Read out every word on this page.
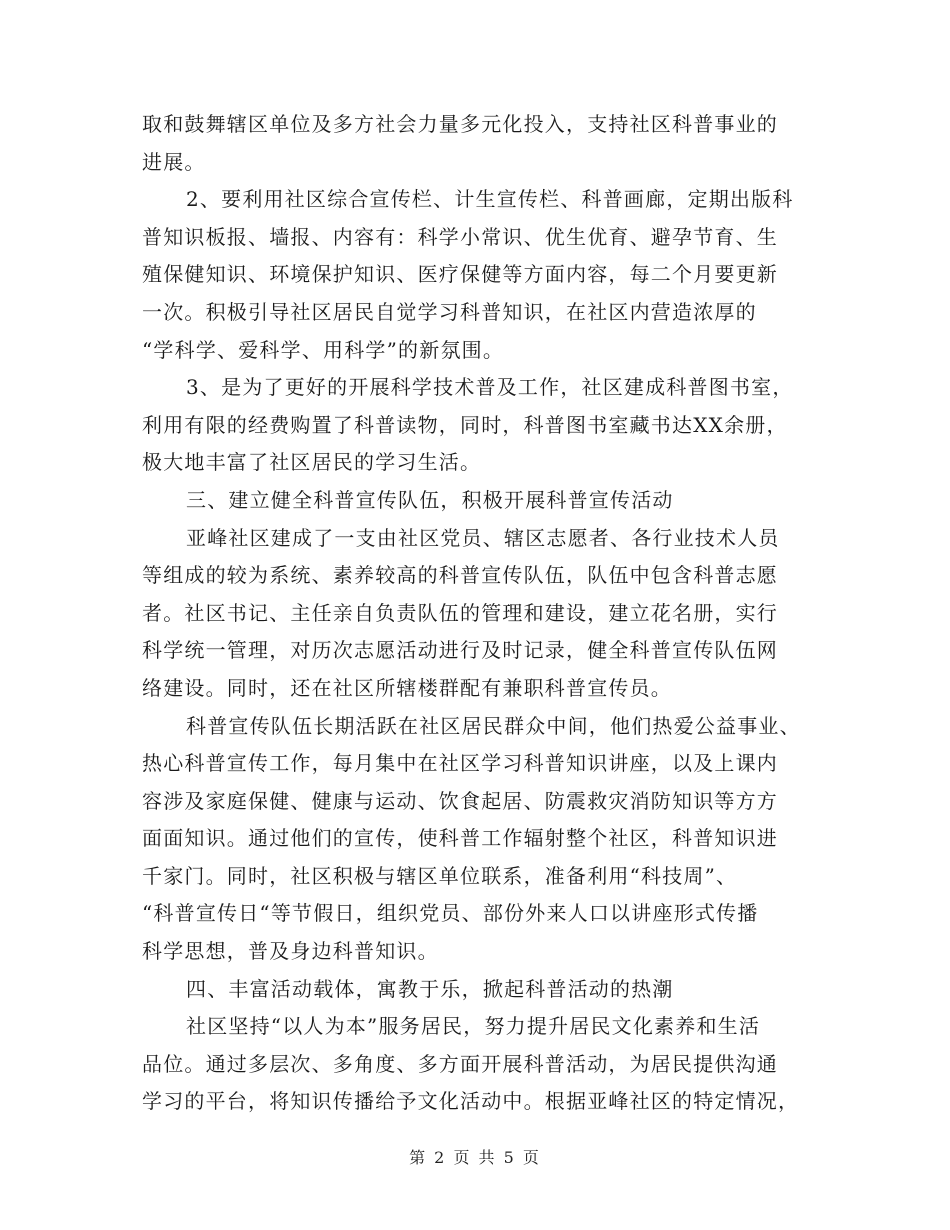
取和鼓舞辖区单位及多方社会力量多元化投入，支持社区科普事业的
进展。
2、要利用社区综合宣传栏、计生宣传栏、科普画廊，定期出版科
普知识板报、墙报、内容有：科学小常识、优生优育、避孕节育、生
殖保健知识、环境保护知识、医疗保健等方面内容，每二个月要更新
一次。积极引导社区居民自觉学习科普知识，在社区内营造浓厚的
“学科学、爱科学、用科学”的新氛围。
3、是为了更好的开展科学技术普及工作，社区建成科普图书室，
利用有限的经费购置了科普读物，同时，科普图书室藏书达XX余册，
极大地丰富了社区居民的学习生活。
三、建立健全科普宣传队伍，积极开展科普宣传活动
亚峰社区建成了一支由社区党员、辖区志愿者、各行业技术人员
等组成的较为系统、素养较高的科普宣传队伍，队伍中包含科普志愿
者。社区书记、主任亲自负责队伍的管理和建设，建立花名册，实行
科学统一管理，对历次志愿活动进行及时记录，健全科普宣传队伍网
络建设。同时，还在社区所辖楼群配有兼职科普宣传员。
科普宣传队伍长期活跃在社区居民群众中间，他们热爱公益事业、
热心科普宣传工作，每月集中在社区学习科普知识讲座，以及上课内
容涉及家庭保健、健康与运动、饮食起居、防震救灾消防知识等方方
面面知识。通过他们的宣传，使科普工作辐射整个社区，科普知识进
千家门。同时，社区积极与辖区单位联系，准备利用“科技周”、
“科普宣传日“等节假日，组织党员、部份外来人口以讲座形式传播
科学思想，普及身边科普知识。
四、丰富活动载体，寓教于乐，掀起科普活动的热潮
社区坚持“以人为本”服务居民，努力提升居民文化素养和生活
品位。通过多层次、多角度、多方面开展科普活动，为居民提供沟通
学习的平台，将知识传播给予文化活动中。根据亚峰社区的特定情况，
第 2 页 共 5 页
